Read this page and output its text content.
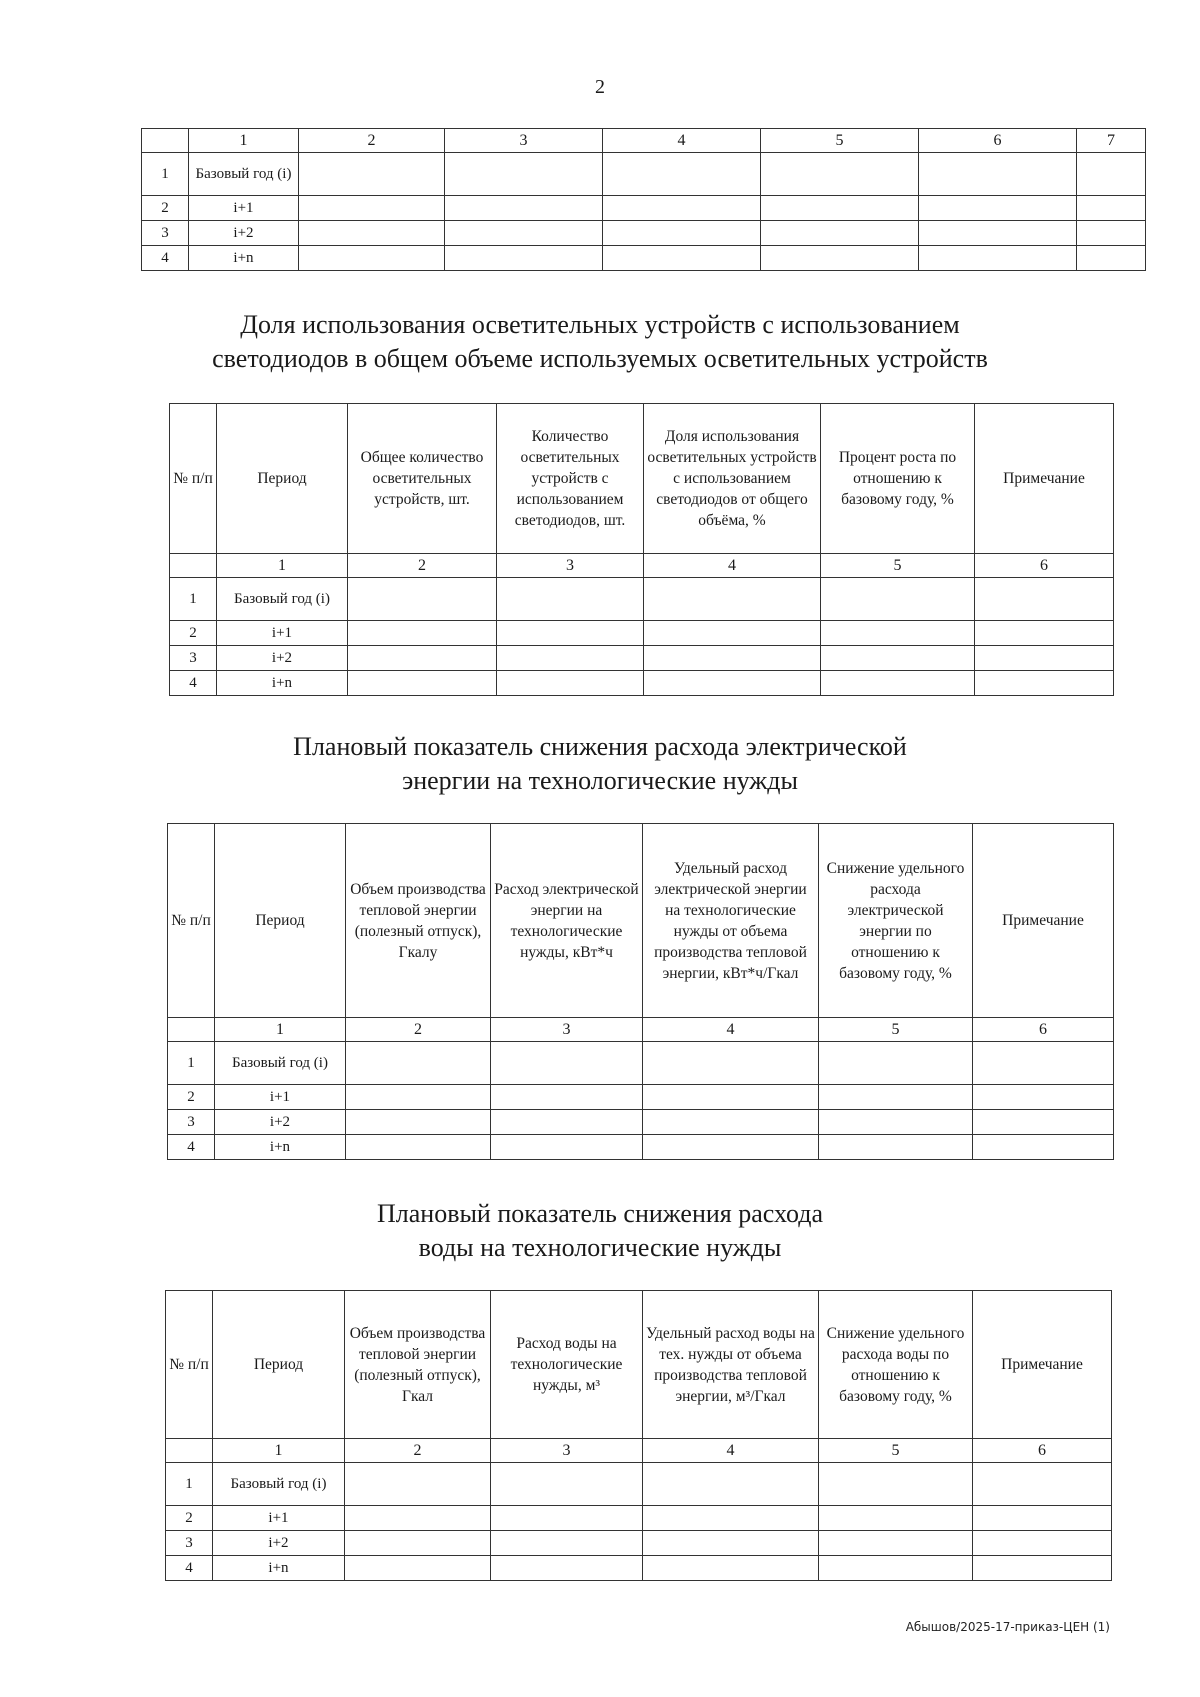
2
	1	2	3	4	5	6	7
1	Базовый год (i)						
2	i+1						
3	i+2						
4	i+n						
Доля использования осветительных устройств с использованием
светодиодов в общем объеме используемых осветительных устройств
№ п/п	Период	Общее количество осветительных устройств, шт.	Количество осветительных устройств с использованием светодиодов, шт.	Доля использования осветительных устройств с использованием светодиодов от общего объёма, %	Процент роста по отношению к базовому году, %	Примечание
	1	2	3	4	5	6
1	Базовый год (i)					
2	i+1					
3	i+2					
4	i+n					
Плановый показатель снижения расхода электрической
энергии на технологические нужды
№ п/п	Период	Объем производства тепловой энергии (полезный отпуск), Гкалу	Расход электрической энергии на технологические нужды, кВт*ч	Удельный расход электрической энергии на технологические нужды от объема производства тепловой энергии, кВт*ч/Гкал	Снижение удельного расхода электрической энергии по отношению к базовому году, %	Примечание
	1	2	3	4	5	6
1	Базовый год (i)					
2	i+1					
3	i+2					
4	i+n					
Плановый показатель снижения расхода
воды на технологические нужды
№ п/п	Период	Объем производства тепловой энергии (полезный отпуск), Гкал	Расход воды на технологические нужды, м³	Удельный расход воды на тех. нужды от объема производства тепловой энергии, м³/Гкал	Снижение удельного расхода воды по отношению к базовому году, %	Примечание
	1	2	3	4	5	6
1	Базовый год (i)					
2	i+1					
3	i+2					
4	i+n					
Абышов/2025-17-приказ-ЦЕН (1)
